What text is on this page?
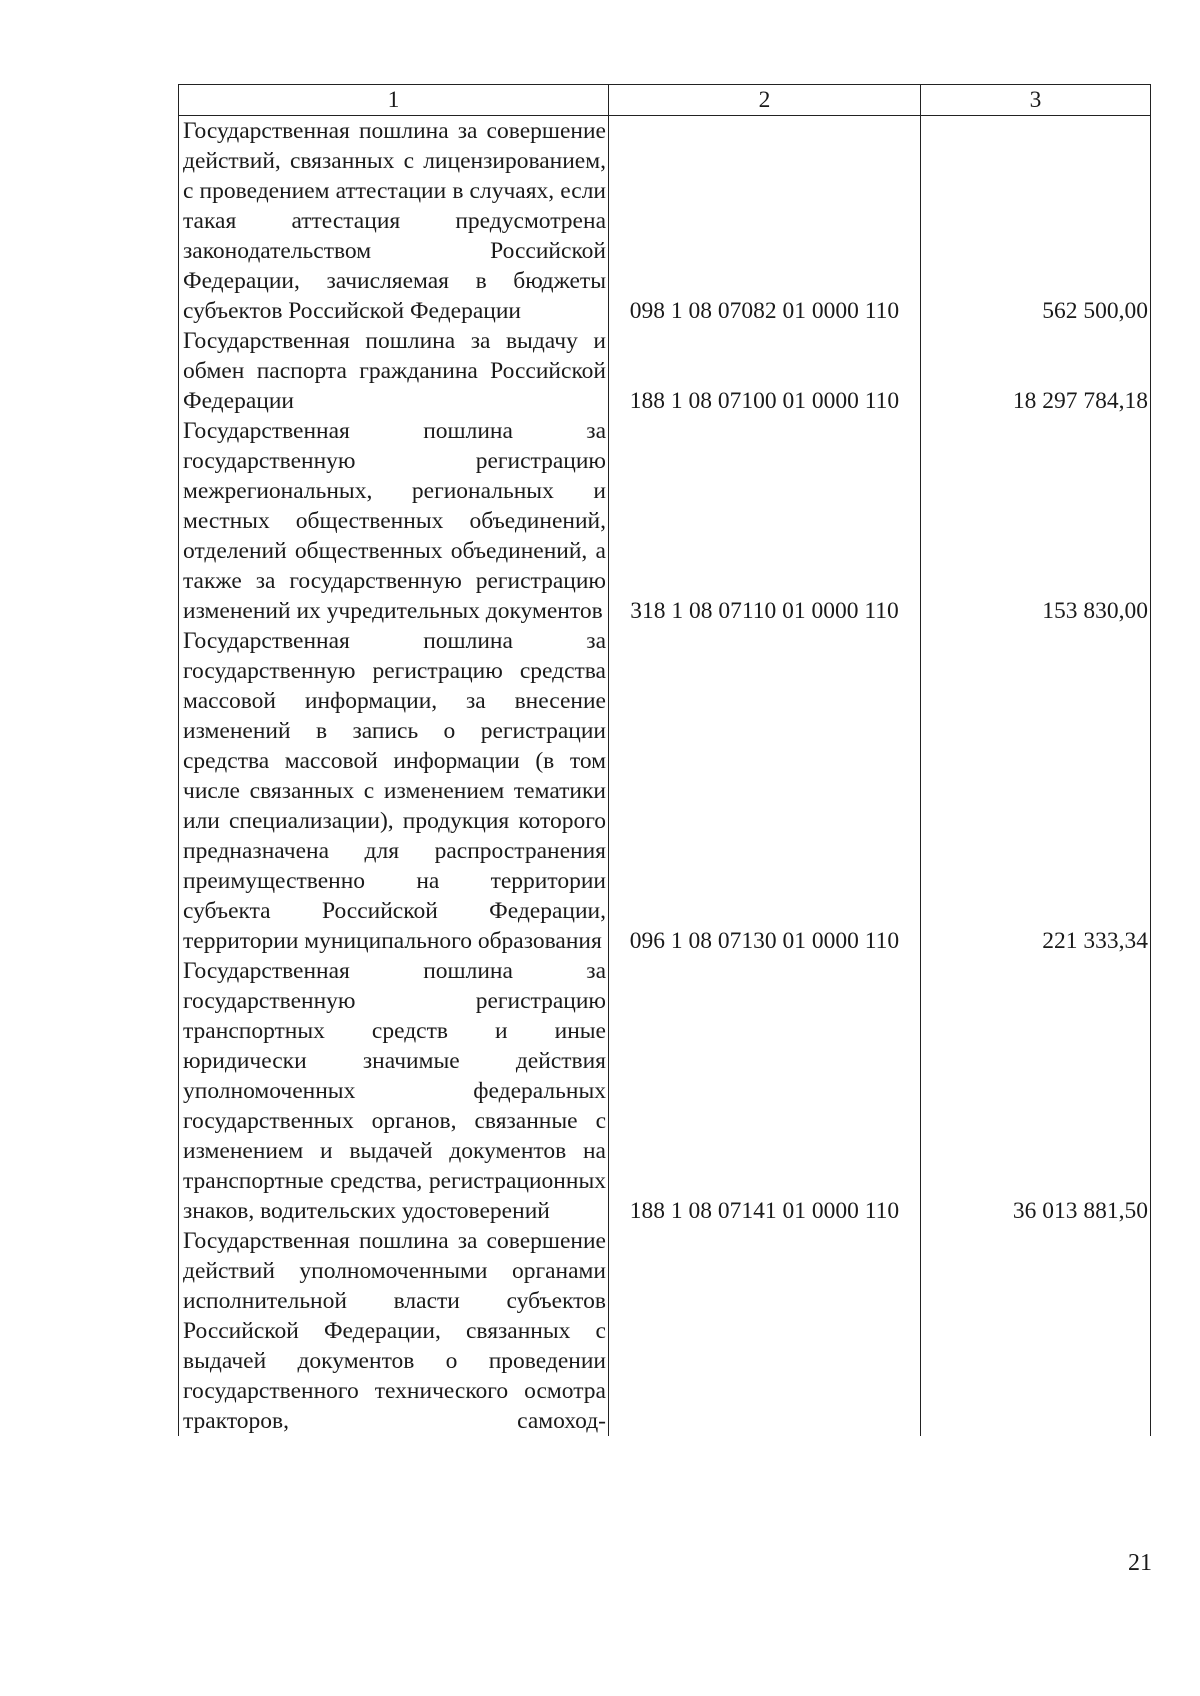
1	2	3
Государственная пошлина за совершение действий, связанных с лицензированием, с проведением аттестации в случаях, если такая аттестация предусмотрена законодательством Российской Федерации, зачисляемая в бюджеты субъектов Российской Федерации	098 1 08 07082 01 0000 110	562 500,00
Государственная пошлина за выдачу и обмен паспорта гражданина Российской Федерации	188 1 08 07100 01 0000 110	18 297 784,18
Государственная пошлина за государственную регистрацию межрегиональных, региональных и местных общественных объединений, отделений общественных объединений, а также за государственную регистрацию изменений их учредительных документов	318 1 08 07110 01 0000 110	153 830,00
Государственная пошлина за государственную регистрацию средства массовой информации, за внесение изменений в запись о регистрации средства массовой информации (в том числе связанных с изменением тематики или специализации), продукция которого предназначена для распространения преимущественно на территории субъекта Российской Федерации, территории муниципального образования	096 1 08 07130 01 0000 110	221 333,34
Государственная пошлина за государственную регистрацию транспортных средств и иные юридически значимые действия уполномоченных федеральных государственных органов, связанные с изменением и выдачей документов на транспортные средства, регистрационных знаков, водительских удостоверений	188 1 08 07141 01 0000 110	36 013 881,50
Государственная пошлина за совершение действий уполномоченными органами исполнительной власти субъектов Российской Федерации, связанных с выдачей документов о проведении государственного технического осмотра тракторов, самоход-		
21
